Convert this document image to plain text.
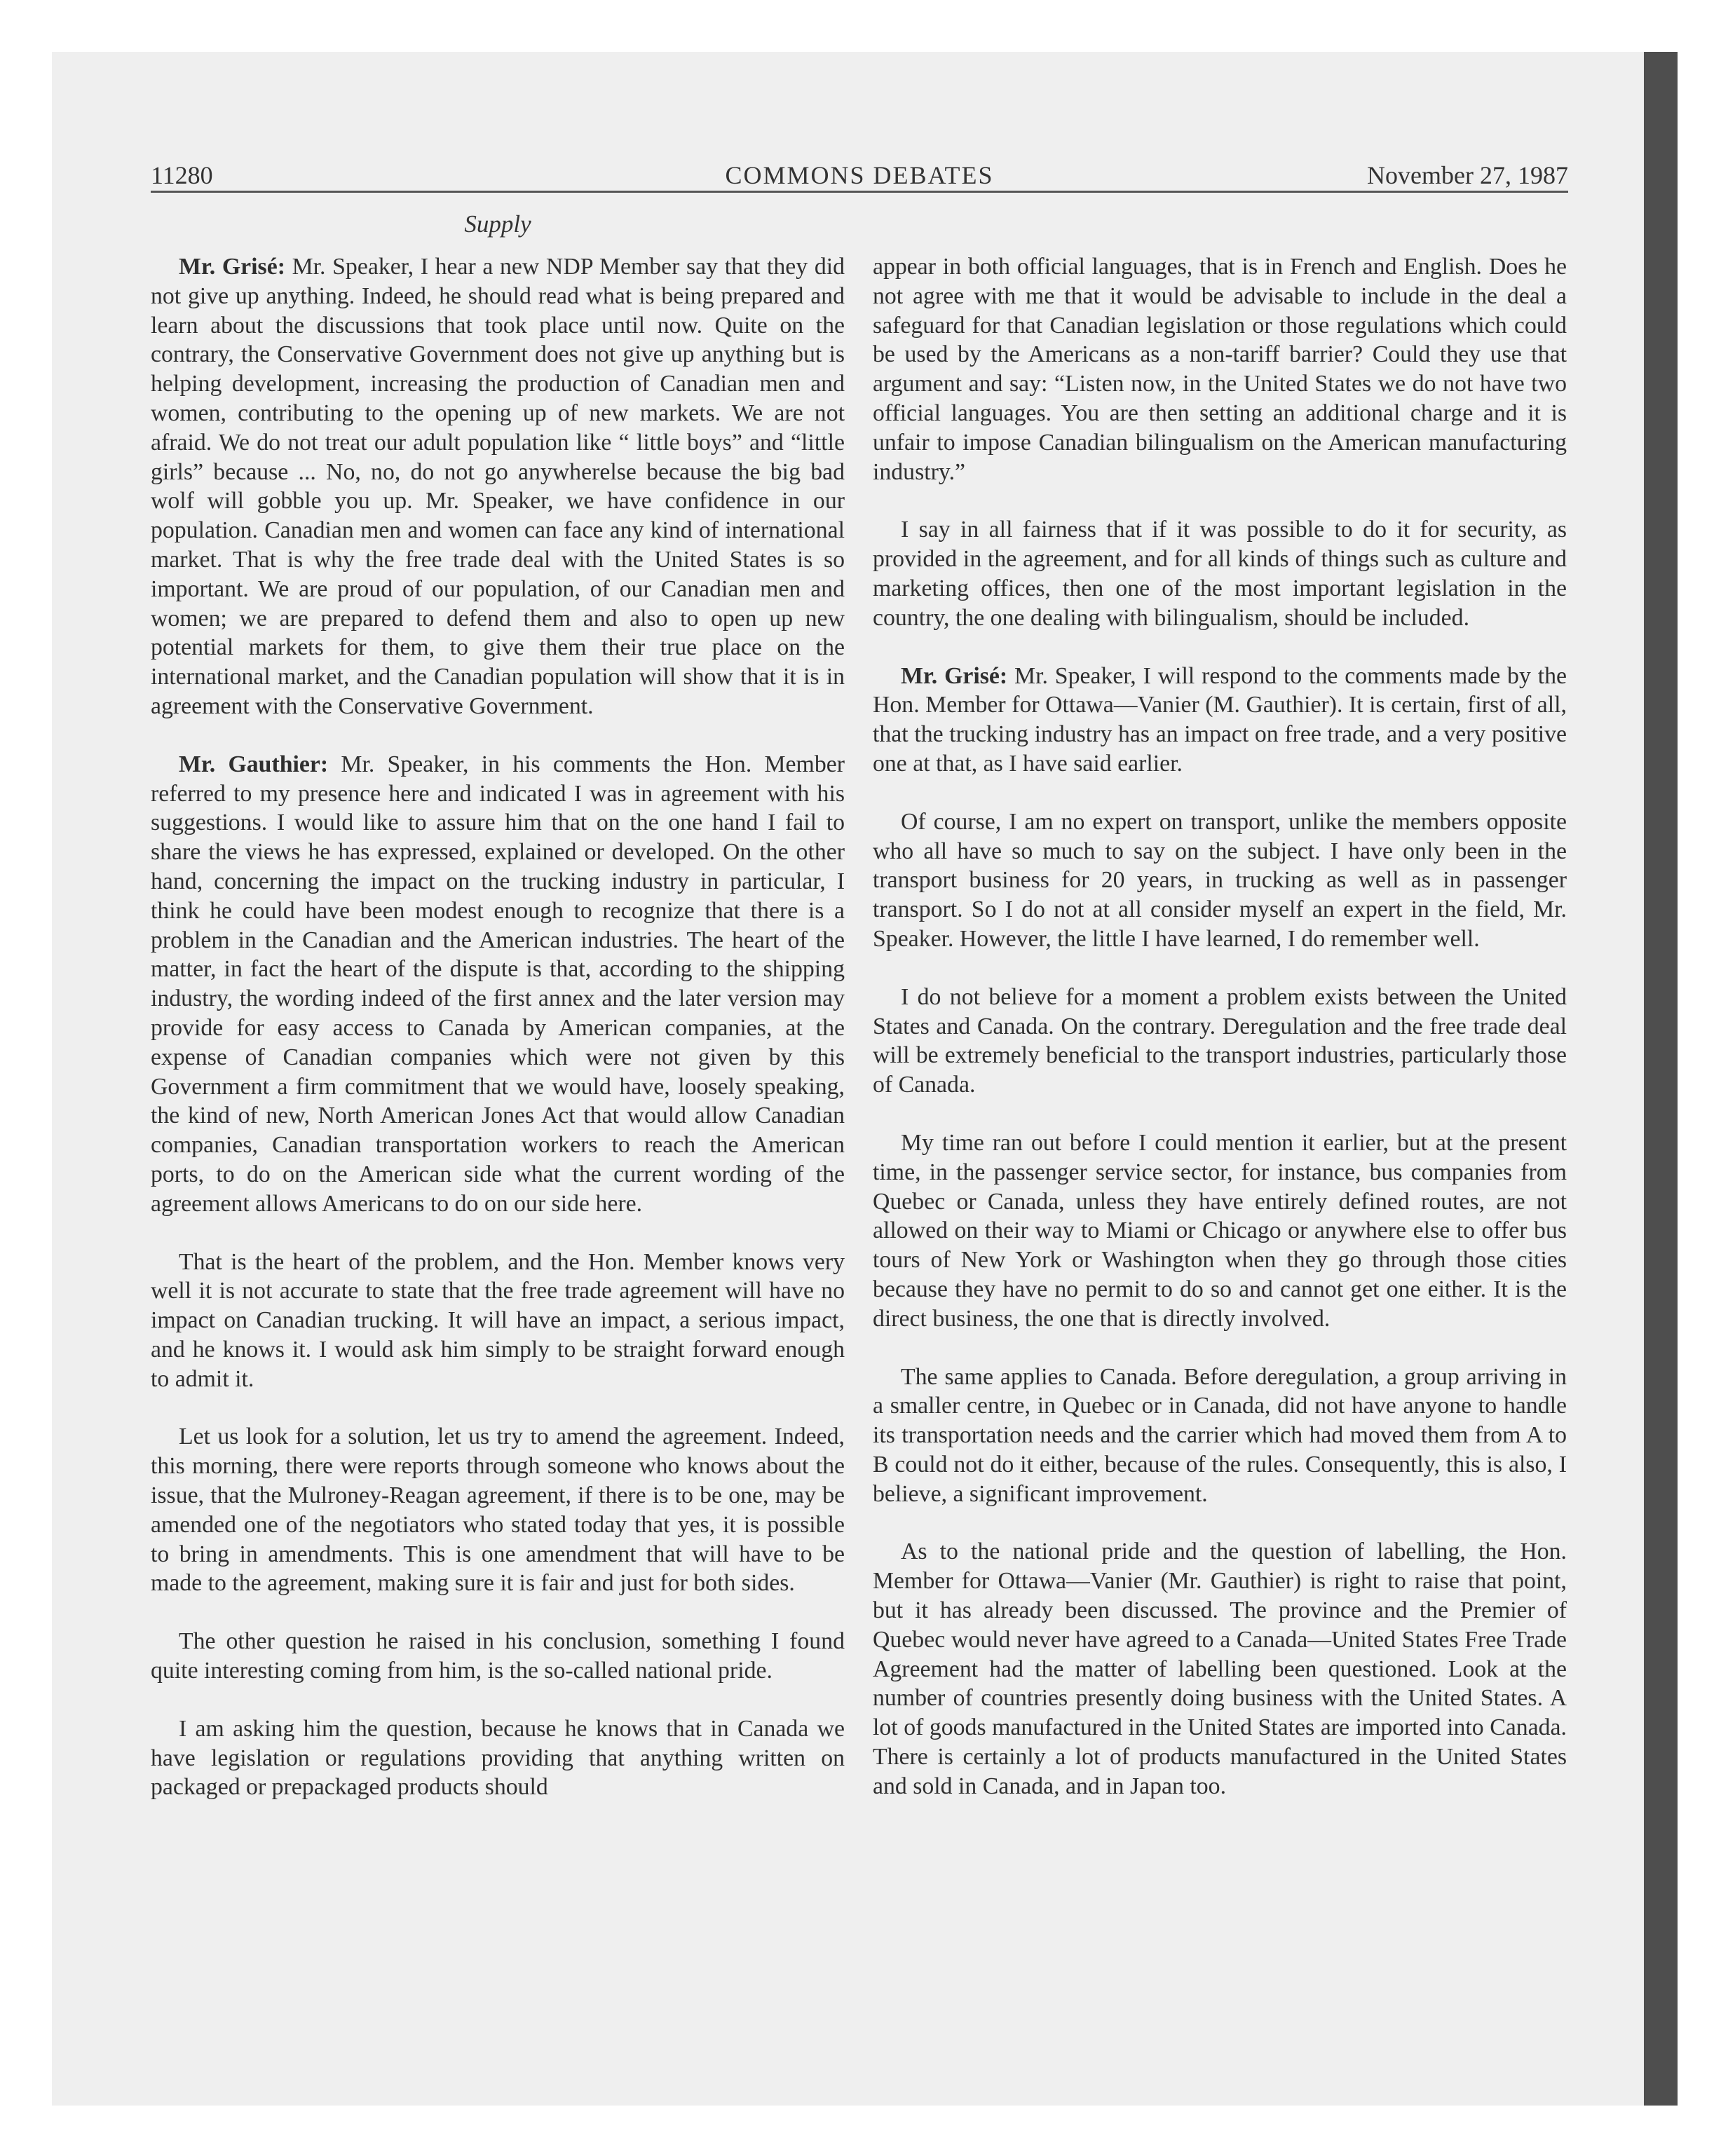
11280	COMMONS DEBATES	November 27, 1987
Supply

Mr. Grisé: Mr. Speaker, I hear a new NDP Member say that they did not give up anything. Indeed, he should read what is being prepared and learn about the discussions that took place until now. Quite on the contrary, the Conservative Government does not give up anything but is helping development, increasing the production of Canadian men and women, contributing to the opening up of new markets. We are not afraid. We do not treat our adult population like “ little boys” and “little girls” because ... No, no, do not go anywherelse because the big bad wolf will gobble you up. Mr. Speaker, we have confidence in our population. Canadian men and women can face any kind of international market. That is why the free trade deal with the United States is so important. We are proud of our population, of our Canadian men and women; we are prepared to defend them and also to open up new potential markets for them, to give them their true place on the international market, and the Canadian population will show that it is in agreement with the Conservative Government.

Mr. Gauthier: Mr. Speaker, in his comments the Hon. Member referred to my presence here and indicated I was in agreement with his suggestions. I would like to assure him that on the one hand I fail to share the views he has expressed, explained or developed. On the other hand, concerning the impact on the trucking industry in particular, I think he could have been modest enough to recognize that there is a problem in the Canadian and the American industries. The heart of the matter, in fact the heart of the dispute is that, according to the shipping industry, the wording indeed of the first annex and the later version may provide for easy access to Canada by American companies, at the expense of Canadian companies which were not given by this Government a firm commitment that we would have, loosely speaking, the kind of new, North American Jones Act that would allow Canadian companies, Canadian transportation workers to reach the American ports, to do on the American side what the current wording of the agreement allows Americans to do on our side here.

That is the heart of the problem, and the Hon. Member knows very well it is not accurate to state that the free trade agreement will have no impact on Canadian trucking. It will have an impact, a serious impact, and he knows it. I would ask him simply to be straight forward enough to admit it.

Let us look for a solution, let us try to amend the agreement. Indeed, this morning, there were reports through someone who knows about the issue, that the Mulroney-Reagan agreement, if there is to be one, may be amended one of the negotiators who stated today that yes, it is possible to bring in amendments. This is one amendment that will have to be made to the agreement, making sure it is fair and just for both sides.

The other question he raised in his conclusion, something I found quite interesting coming from him, is the so-called national pride.

I am asking him the question, because he knows that in Canada we have legislation or regulations providing that anything written on packaged or prepackaged products should

appear in both official languages, that is in French and English. Does he not agree with me that it would be advisable to include in the deal a safeguard for that Canadian legislation or those regulations which could be used by the Americans as a non-tariff barrier? Could they use that argument and say: “Listen now, in the United States we do not have two official languages. You are then setting an additional charge and it is unfair to impose Canadian bilingualism on the American manufacturing industry.”

I say in all fairness that if it was possible to do it for security, as provided in the agreement, and for all kinds of things such as culture and marketing offices, then one of the most important legislation in the country, the one dealing with bilingualism, should be included.

Mr. Grisé: Mr. Speaker, I will respond to the comments made by the Hon. Member for Ottawa—Vanier (M. Gauthier). It is certain, first of all, that the trucking industry has an impact on free trade, and a very positive one at that, as I have said earlier.

Of course, I am no expert on transport, unlike the members opposite who all have so much to say on the subject. I have only been in the transport business for 20 years, in trucking as well as in passenger transport. So I do not at all consider myself an expert in the field, Mr. Speaker. However, the little I have learned, I do remember well.

I do not believe for a moment a problem exists between the United States and Canada. On the contrary. Deregulation and the free trade deal will be extremely beneficial to the transport industries, particularly those of Canada.

My time ran out before I could mention it earlier, but at the present time, in the passenger service sector, for instance, bus companies from Quebec or Canada, unless they have entirely defined routes, are not allowed on their way to Miami or Chicago or anywhere else to offer bus tours of New York or Washington when they go through those cities because they have no permit to do so and cannot get one either. It is the direct business, the one that is directly involved.

The same applies to Canada. Before deregulation, a group arriving in a smaller centre, in Quebec or in Canada, did not have anyone to handle its transportation needs and the carrier which had moved them from A to B could not do it either, because of the rules. Consequently, this is also, I believe, a significant improvement.

As to the national pride and the question of labelling, the Hon. Member for Ottawa—Vanier (Mr. Gauthier) is right to raise that point, but it has already been discussed. The province and the Premier of Quebec would never have agreed to a Canada—United States Free Trade Agreement had the matter of labelling been questioned. Look at the number of countries presently doing business with the United States. A lot of goods manufactured in the United States are imported into Canada. There is certainly a lot of products manufactured in the United States and sold in Canada, and in Japan too.
